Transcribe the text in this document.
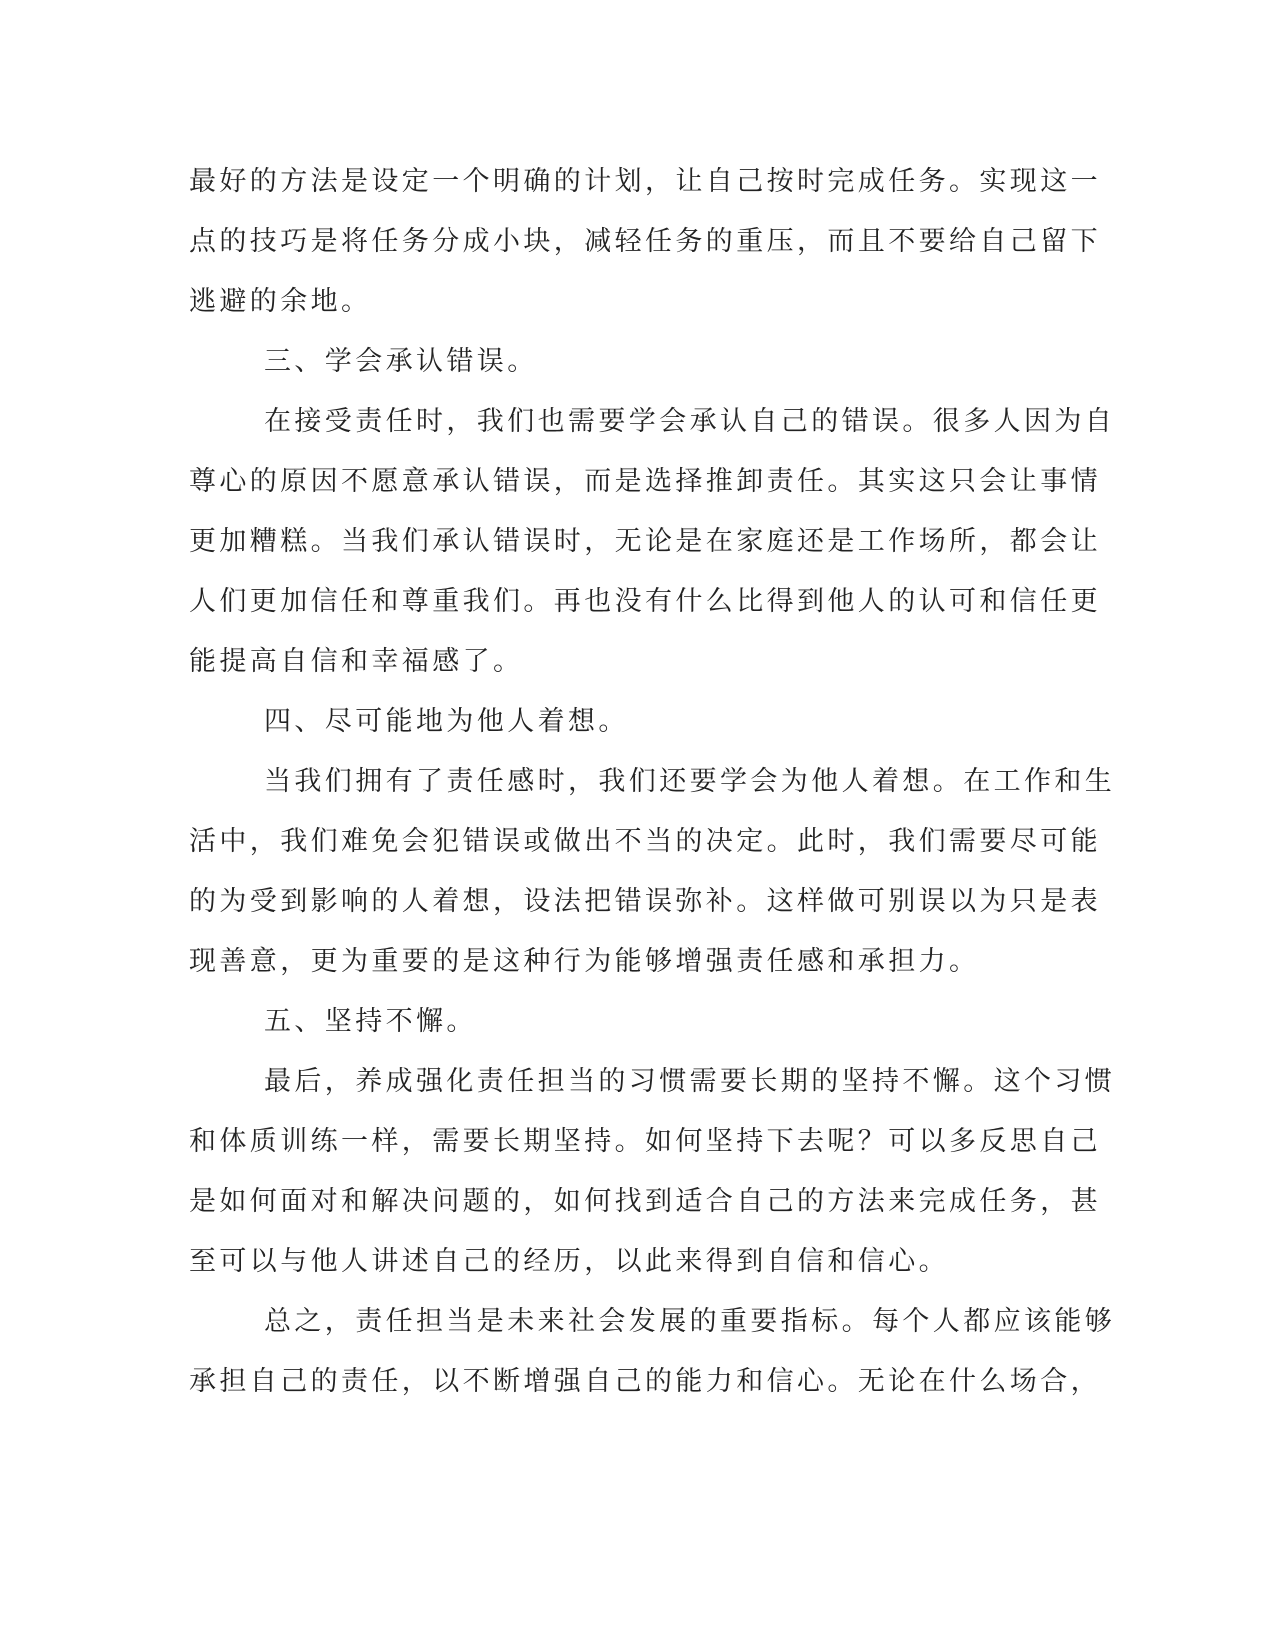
最好的方法是设定一个明确的计划，让自己按时完成任务。实现这一
点的技巧是将任务分成小块，减轻任务的重压，而且不要给自己留下
逃避的余地。
三、学会承认错误。
在接受责任时，我们也需要学会承认自己的错误。很多人因为自
尊心的原因不愿意承认错误，而是选择推卸责任。其实这只会让事情
更加糟糕。当我们承认错误时，无论是在家庭还是工作场所，都会让
人们更加信任和尊重我们。再也没有什么比得到他人的认可和信任更
能提高自信和幸福感了。
四、尽可能地为他人着想。
当我们拥有了责任感时，我们还要学会为他人着想。在工作和生
活中，我们难免会犯错误或做出不当的决定。此时，我们需要尽可能
的为受到影响的人着想，设法把错误弥补。这样做可别误以为只是表
现善意，更为重要的是这种行为能够增强责任感和承担力。
五、坚持不懈。
最后，养成强化责任担当的习惯需要长期的坚持不懈。这个习惯
和体质训练一样，需要长期坚持。如何坚持下去呢？可以多反思自己
是如何面对和解决问题的，如何找到适合自己的方法来完成任务，甚
至可以与他人讲述自己的经历，以此来得到自信和信心。
总之，责任担当是未来社会发展的重要指标。每个人都应该能够
承担自己的责任，以不断增强自己的能力和信心。无论在什么场合，
